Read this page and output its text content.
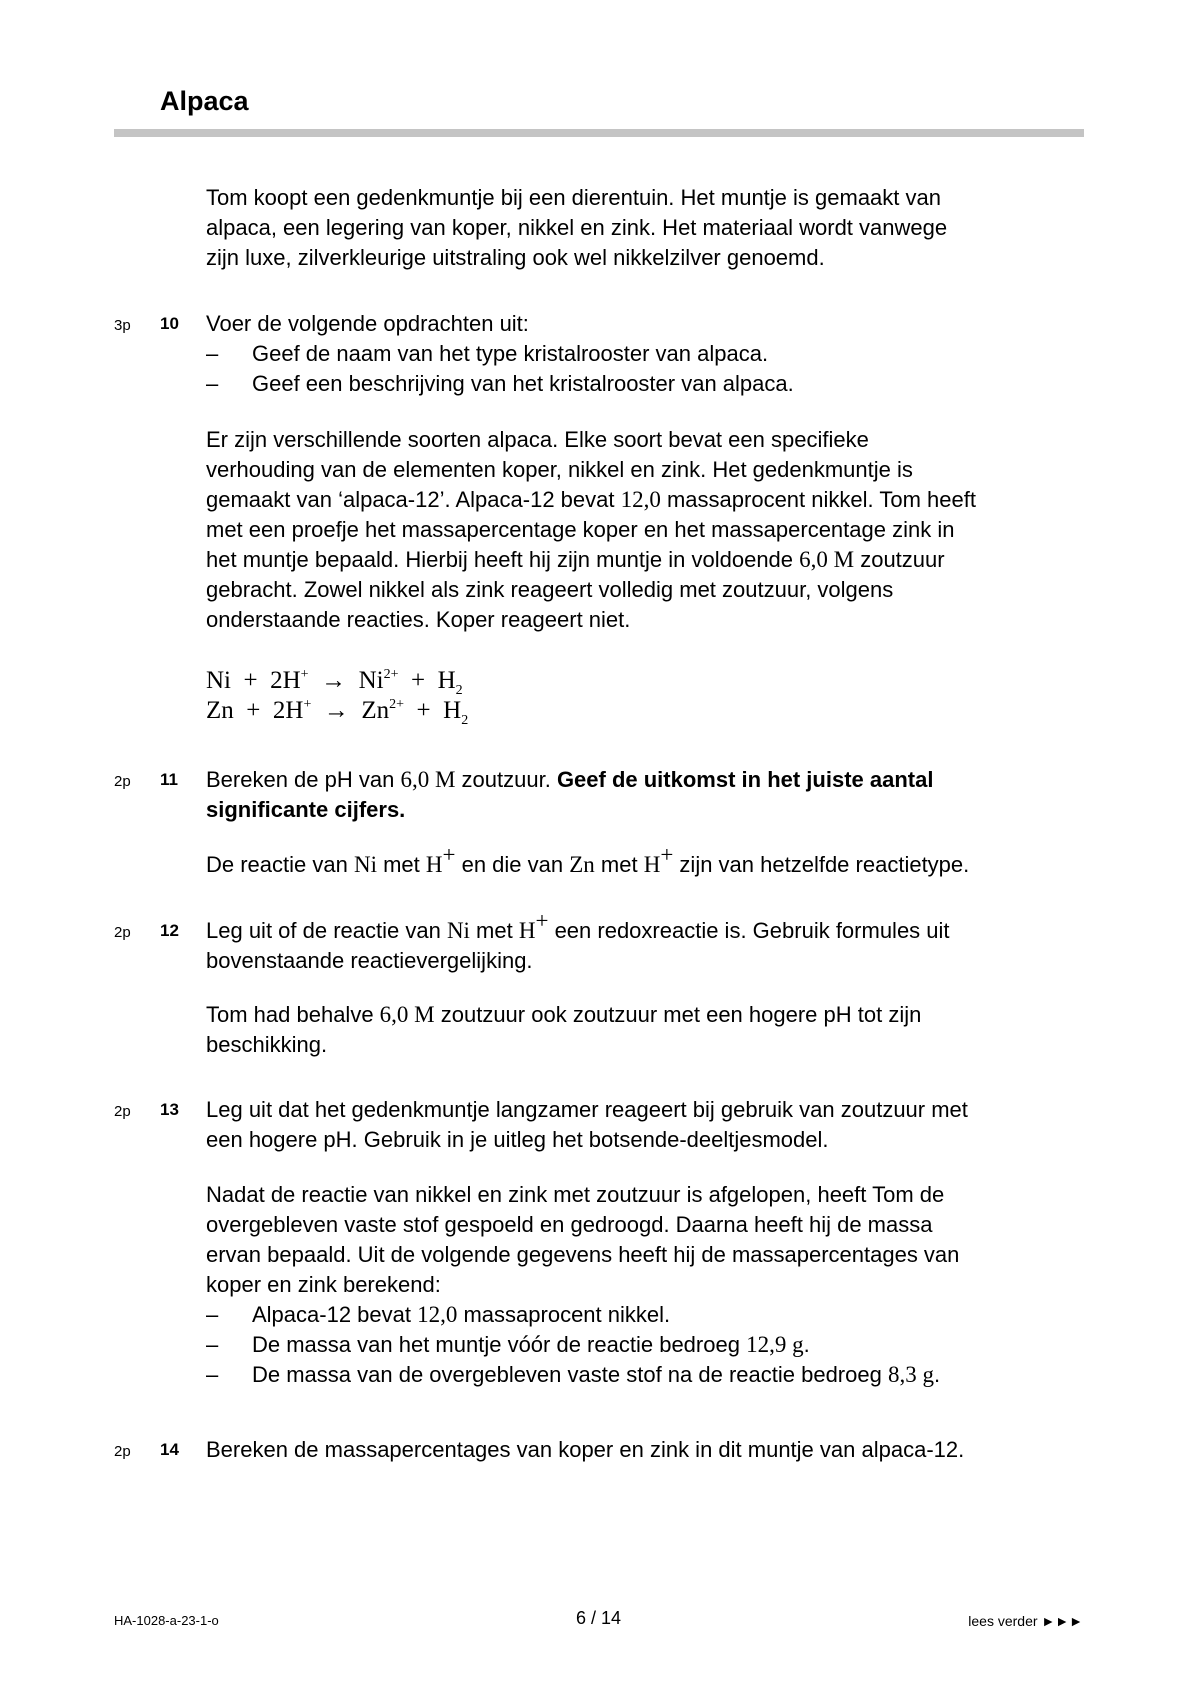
Alpaca
Tom koopt een gedenkmuntje bij een dierentuin. Het muntje is gemaakt van
alpaca, een legering van koper, nikkel en zink. Het materiaal wordt vanwege
zijn luxe, zilverkleurige uitstraling ook wel nikkelzilver genoemd.
3p 10 Voer de volgende opdrachten uit:
– Geef de naam van het type kristalrooster van alpaca.
– Geef een beschrijving van het kristalrooster van alpaca.
Er zijn verschillende soorten alpaca. Elke soort bevat een specifieke
verhouding van de elementen koper, nikkel en zink. Het gedenkmuntje is
gemaakt van ‘alpaca-12’. Alpaca-12 bevat 12,0 massaprocent nikkel. Tom heeft
met een proefje het massapercentage koper en het massapercentage zink in
het muntje bepaald. Hierbij heeft hij zijn muntje in voldoende 6,0 M zoutzuur
gebracht. Zowel nikkel als zink reageert volledig met zoutzuur, volgens
onderstaande reacties. Koper reageert niet.
$Ni + 2H^+ \to Ni^{2+} + H_2$
$Zn + 2H^+ \to Zn^{2+} + H_2$
2p 11 Bereken de pH van 6,0 M zoutzuur. Geef de uitkomst in het juiste aantal
significante cijfers.
De reactie van Ni met H+ en die van Zn met H+ zijn van hetzelfde reactietype.
2p 12 Leg uit of de reactie van Ni met H+ een redoxreactie is. Gebruik formules uit
bovenstaande reactievergelijking.
Tom had behalve 6,0 M zoutzuur ook zoutzuur met een hogere pH tot zijn
beschikking.
2p 13 Leg uit dat het gedenkmuntje langzamer reageert bij gebruik van zoutzuur met
een hogere pH. Gebruik in je uitleg het botsende-deeltjesmodel.
Nadat de reactie van nikkel en zink met zoutzuur is afgelopen, heeft Tom de
overgebleven vaste stof gespoeld en gedroogd. Daarna heeft hij de massa
ervan bepaald. Uit de volgende gegevens heeft hij de massapercentages van
koper en zink berekend:
– Alpaca-12 bevat 12,0 massaprocent nikkel.
– De massa van het muntje vóór de reactie bedroeg 12,9 g.
– De massa van de overgebleven vaste stof na de reactie bedroeg 8,3 g.
2p 14 Bereken de massapercentages van koper en zink in dit muntje van alpaca-12.
HA-1028-a-23-1-o	6 / 14	lees verder ►►►
